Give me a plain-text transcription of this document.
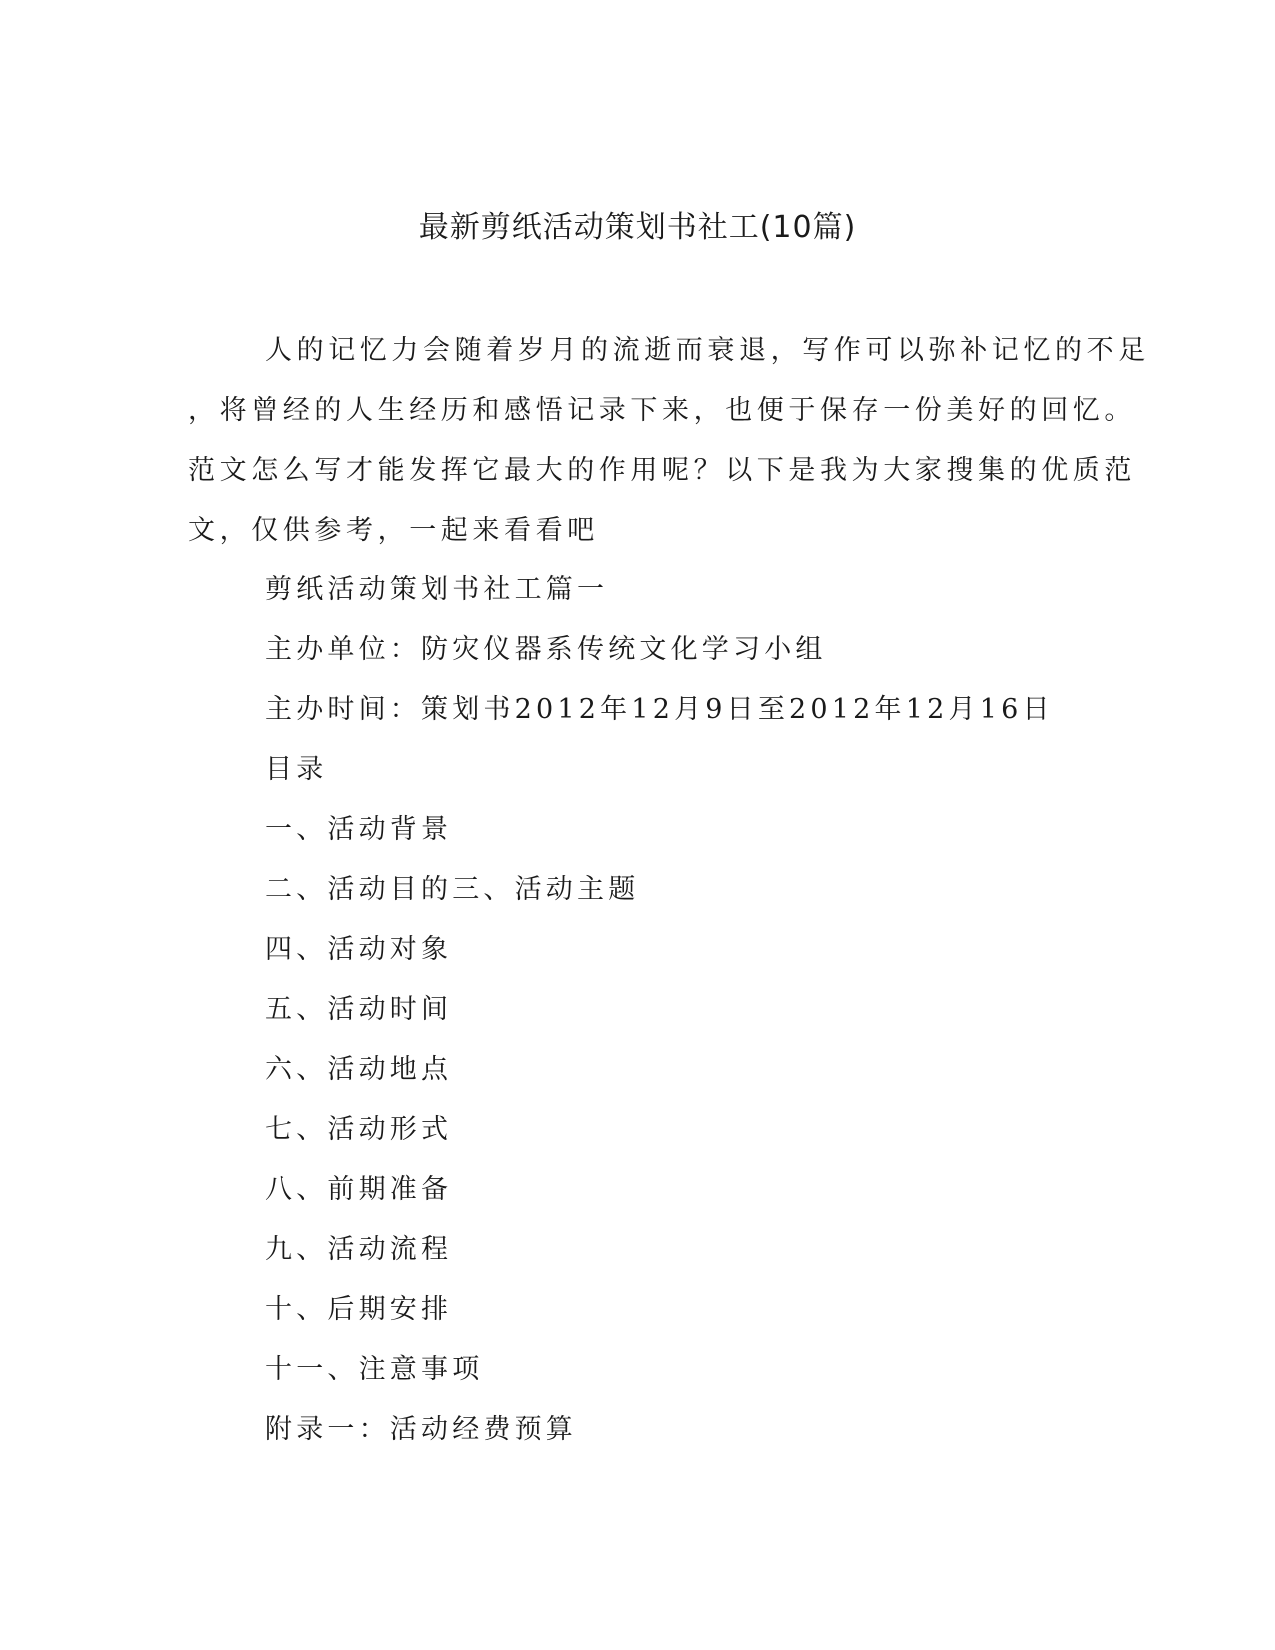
最新剪纸活动策划书社工(10篇)
人的记忆力会随着岁月的流逝而衰退，写作可以弥补记忆的不足
，将曾经的人生经历和感悟记录下来，也便于保存一份美好的回忆。
范文怎么写才能发挥它最大的作用呢？以下是我为大家搜集的优质范
文，仅供参考，一起来看看吧
剪纸活动策划书社工篇一
主办单位：防灾仪器系传统文化学习小组
主办时间：策划书2012年12月9日至2012年12月16日
目录
一、活动背景
二、活动目的三、活动主题
四、活动对象
五、活动时间
六、活动地点
七、活动形式
八、前期准备
九、活动流程
十、后期安排
十一、注意事项
附录一：活动经费预算
